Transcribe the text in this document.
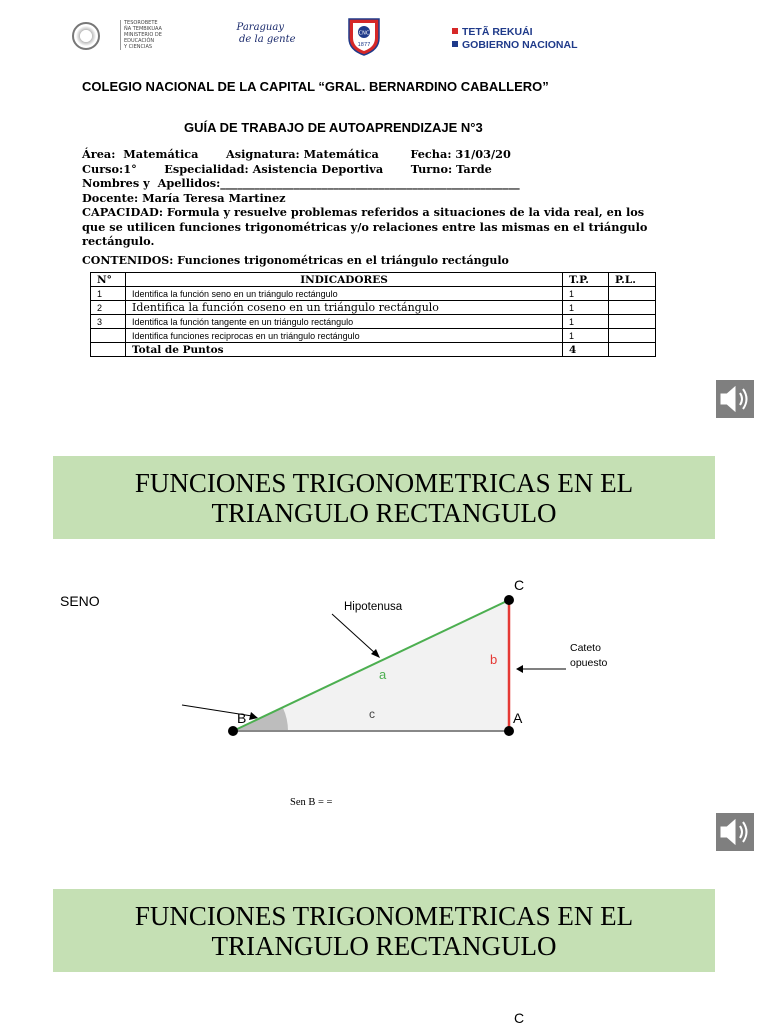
TESOROBETE
ÑA TEMBIKUAA
MINISTERIO DE
EDUCACIÓN
Y CIENCIAS
Paraguay
de la gente
CNC
1877
TETÃ REKUÁI
GOBIERNO NACIONAL
COLEGIO NACIONAL DE LA CAPITAL “GRAL. BERNARDINO CABALLERO”
GUÍA DE TRABAJO DE AUTOAPRENDIZAJE N°3
Área:  Matemática       Asignatura: Matemática        Fecha: 31/03/20
Curso:1°       Especialidad: Asistencia Deportiva       Turno: Tarde
Nombres y  Apellidos:_____________________________________________________
Docente: María Teresa Martinez
CAPACIDAD: Formula y resuelve problemas referidos a situaciones de la vida real, en los que se utilicen funciones trigonométricas y/o relaciones entre las mismas en el triángulo rectángulo.
CONTENIDOS: Funciones trigonométricas en el triángulo rectángulo
N°	INDICADORES	T.P.	P.L.
1	Identifica la función seno en un triángulo rectángulo	1	
2	Identifica la función coseno en un triángulo rectángulo	1	
3	Identifica la función tangente en un triángulo rectángulo	1	
	Identifica funciones reciprocas en un triángulo rectángulo	1	
	Total de Puntos	4	
FUNCIONES TRIGONOMETRICAS EN EL
TRIANGULO RECTANGULO
SENO	Hipotenusa
Cateto
opuesto
C
A
B
a
b
c
Sen B = =
FUNCIONES TRIGONOMETRICAS EN EL
TRIANGULO RECTANGULO
C
